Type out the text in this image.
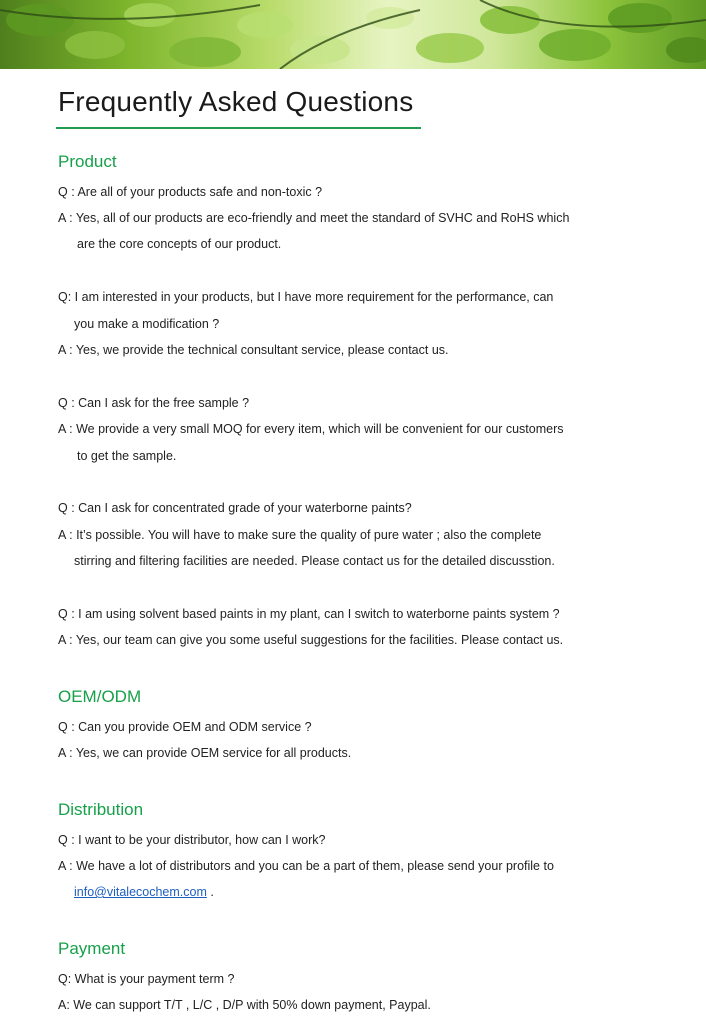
Frequently Asked Questions
Product
Q : Are all of your products safe and non-toxic ?
A : Yes, all of our products are eco-friendly and meet the standard of SVHC and RoHS which
are the core concepts of our product.
Q: I am interested in your products, but I have more requirement for the performance, can
you make a modification ?
A : Yes, we provide the technical consultant service, please contact us.
Q : Can I ask for the free sample ?
A : We provide a very small MOQ for every item, which will be convenient for our customers
to get the sample.
Q : Can I ask for concentrated grade of your waterborne paints?
A : It’s possible. You will have to make sure the quality of pure water ; also the complete
stirring and filtering facilities are needed. Please contact us for the detailed discusstion.
Q : I am using solvent based paints in my plant, can I switch to waterborne paints system ?
A : Yes, our team can give you some useful suggestions for the facilities. Please contact us.
OEM/ODM
Q : Can you provide OEM and ODM service ?
A : Yes, we can provide OEM service for all products.
Distribution
Q : I want to be your distributor, how can I work?
A : We have a lot of distributors and you can be a part of them, please send your profile to
info@vitalecochem.com .
Payment
Q: What is your payment term ?
A: We can support T/T , L/C , D/P with 50% down payment, Paypal.
